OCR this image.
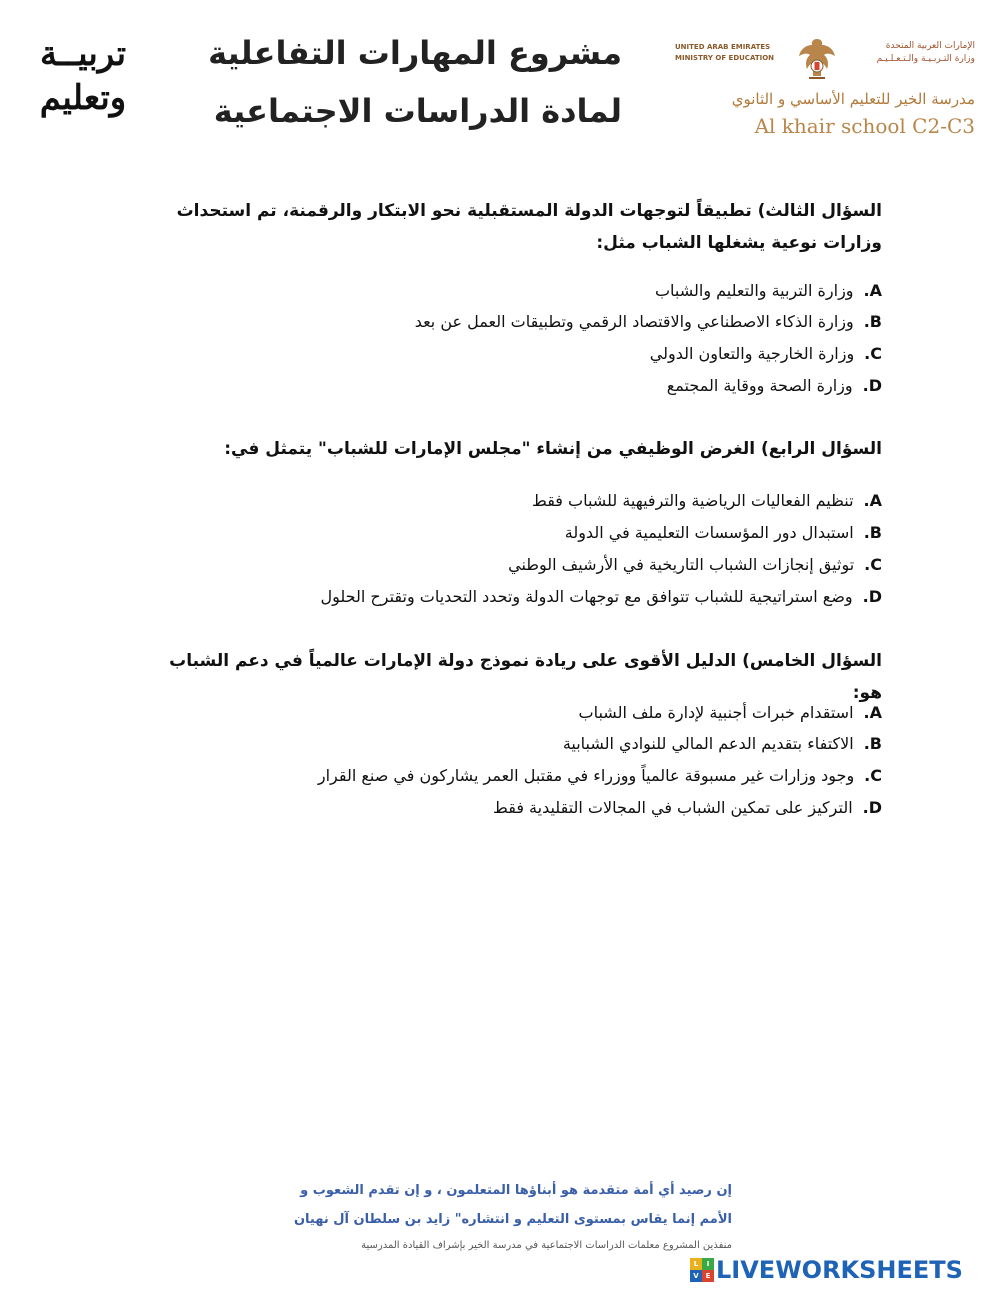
تربيــة
وتعليم
مشروع المهارات التفاعلية
لمادة الدراسات الاجتماعية
UNITED ARAB EMIRATES
MINISTRY OF EDUCATION
الإمارات العربية المتحدة
وزارة التـربـيـة والـتـعـلـيـم
مدرسة الخير للتعليم الأساسي و الثانوي
Al khair school C2-C3
السؤال الثالث) تطبيقاً لتوجهات الدولة المستقبلية نحو الابتكار والرقمنة، تم استحداث وزارات نوعية يشغلها الشباب مثل:
A.وزارة التربية والتعليم والشباب
B.وزارة الذكاء الاصطناعي والاقتصاد الرقمي وتطبيقات العمل عن بعد
C.وزارة الخارجية والتعاون الدولي
D.وزارة الصحة ووقاية المجتمع
السؤال الرابع) الغرض الوظيفي من إنشاء "مجلس الإمارات للشباب" يتمثل في:
A.تنظيم الفعاليات الرياضية والترفيهية للشباب فقط
B.استبدال دور المؤسسات التعليمية في الدولة
C.توثيق إنجازات الشباب التاريخية في الأرشيف الوطني
D.وضع استراتيجية للشباب تتوافق مع توجهات الدولة وتحدد التحديات وتقترح الحلول
السؤال الخامس) الدليل الأقوى على ريادة نموذج دولة الإمارات عالمياً في دعم الشباب هو:
A.استقدام خبرات أجنبية لإدارة ملف الشباب
B.الاكتفاء بتقديم الدعم المالي للنوادي الشبابية
C.وجود وزارات غير مسبوقة عالمياً ووزراء في مقتبل العمر يشاركون في صنع القرار
D.التركيز على تمكين الشباب في المجالات التقليدية فقط
إن رصيد أي أمة متقدمة هو أبناؤها المتعلمون ، و إن تقدم الشعوب و
الأمم إنما يقاس بمستوى التعليم و انتشاره" زايد بن سلطان آل نهيان
منفذين المشروع معلمات الدراسات الاجتماعية في مدرسة الخير بإشراف القيادة المدرسية
L	I
V E LIVEWORKSHEETS
